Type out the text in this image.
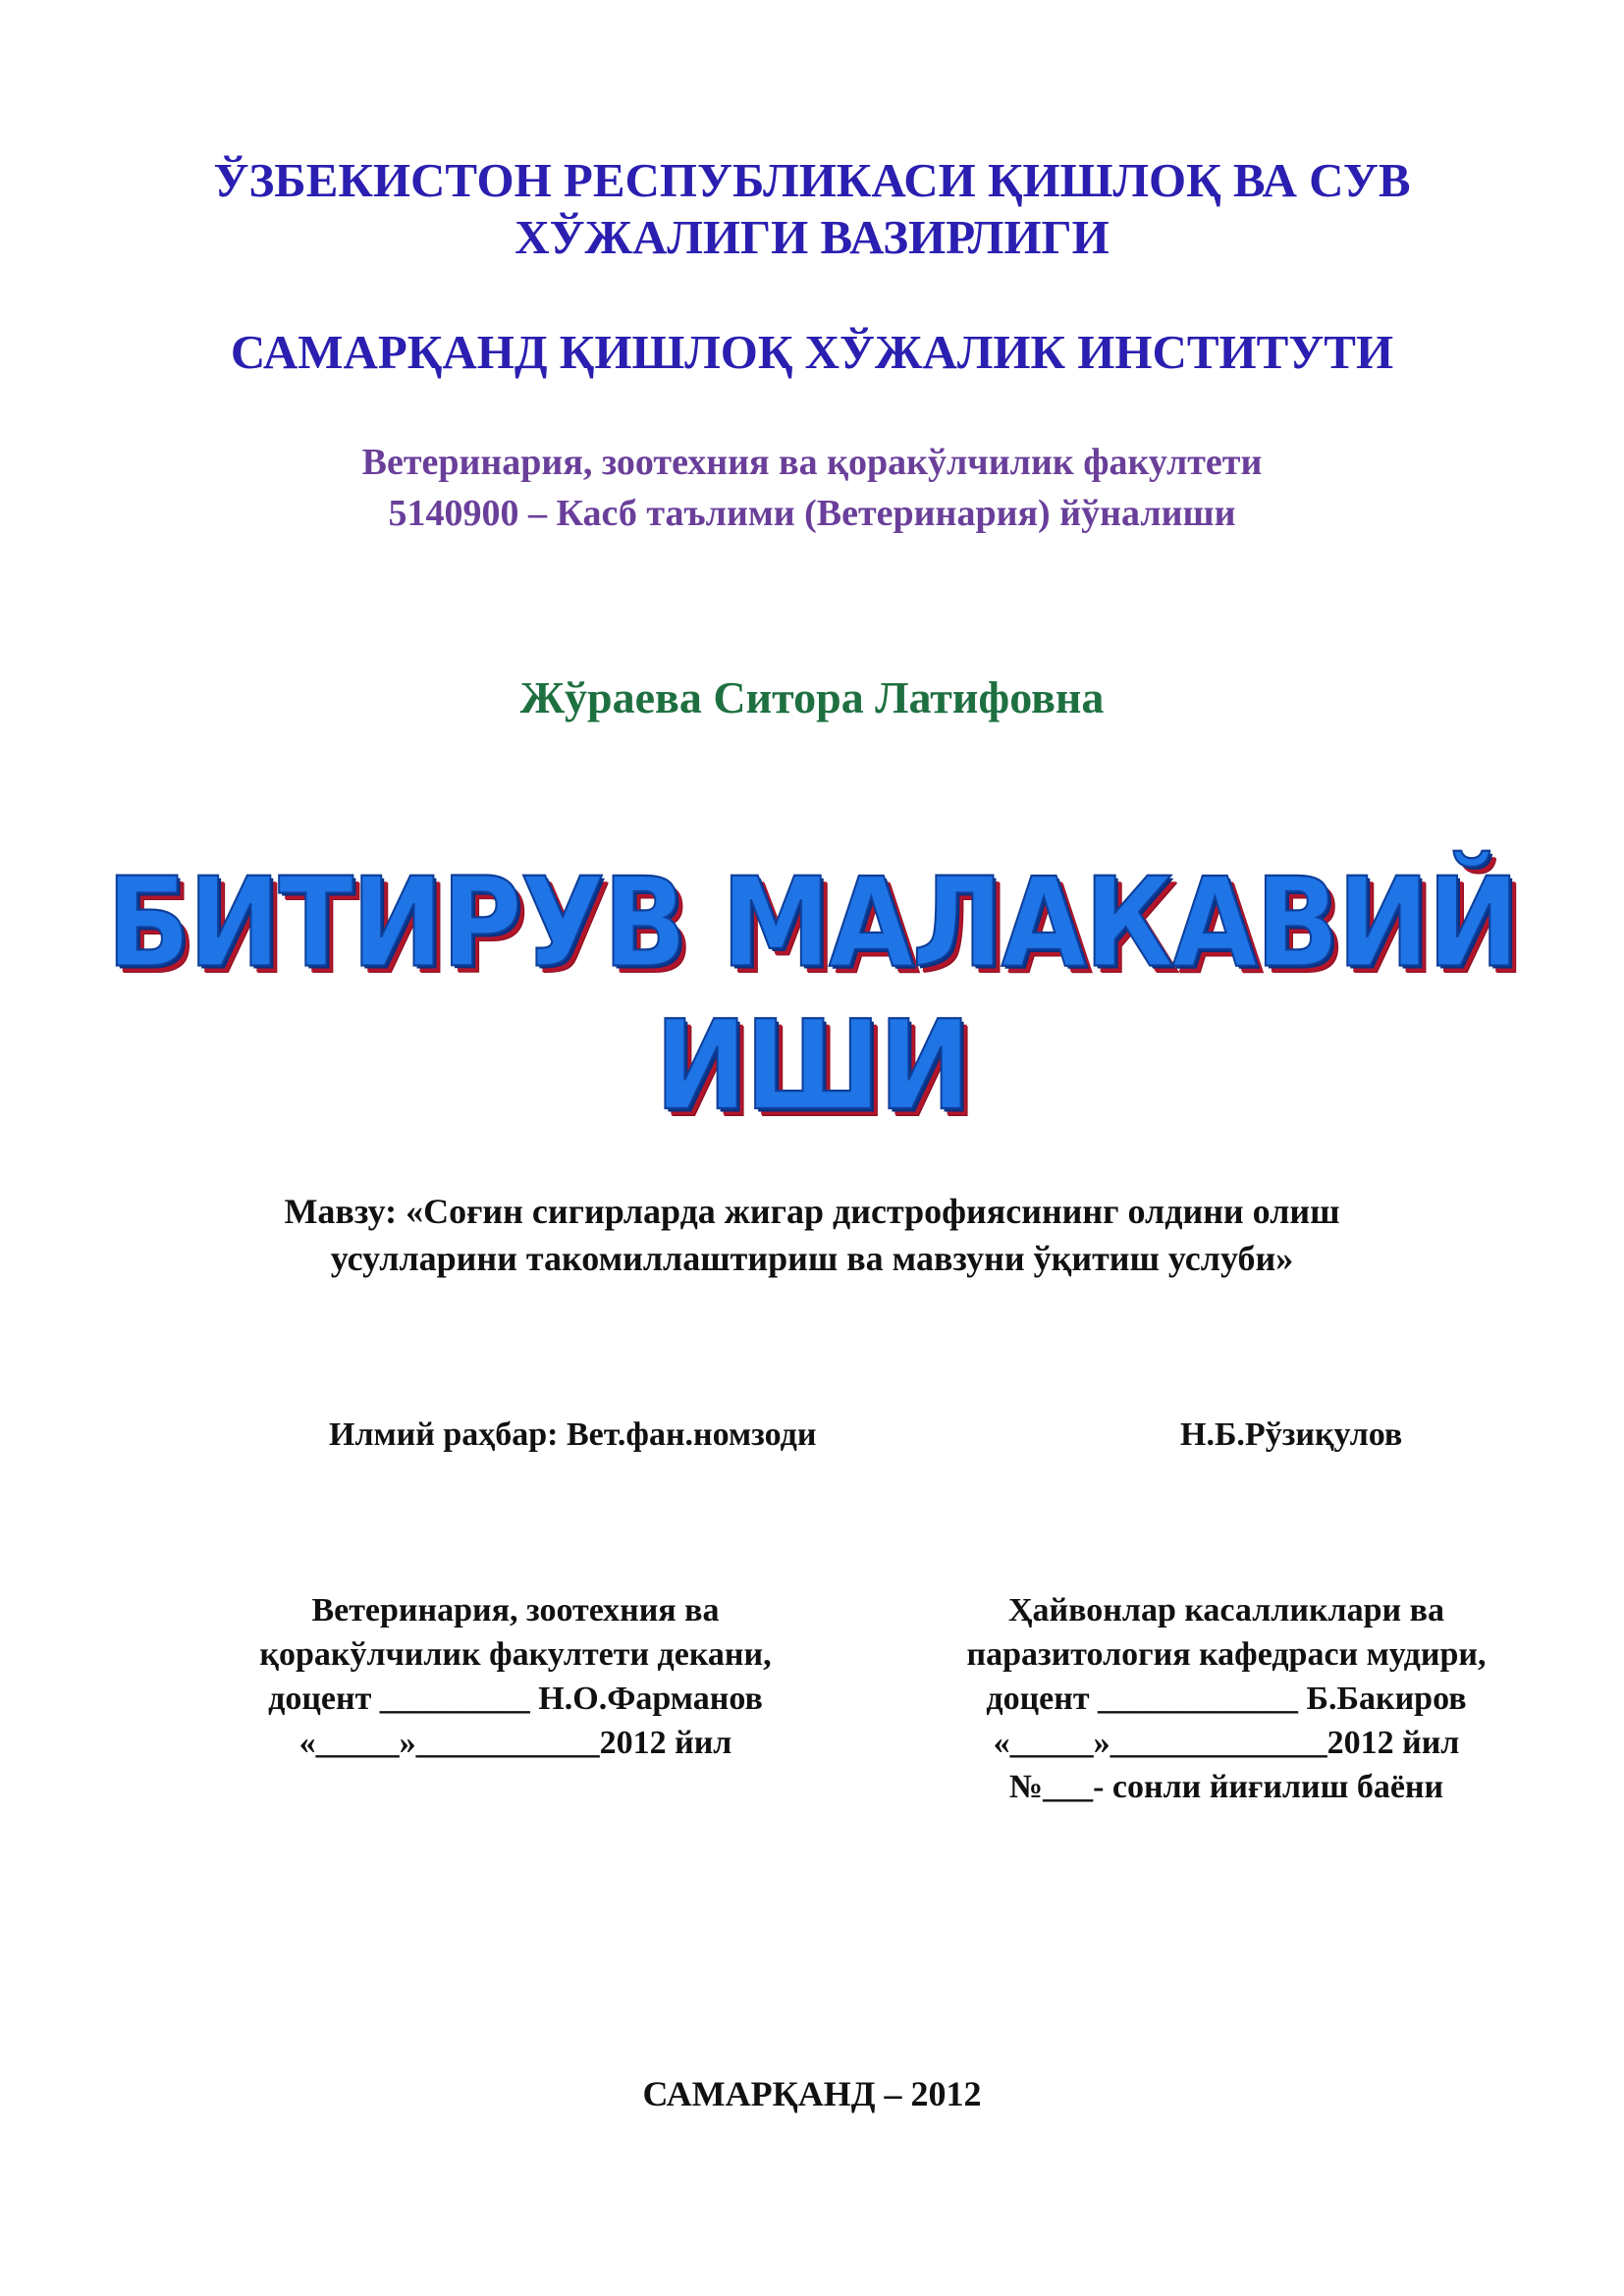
ЎЗБЕКИСТОН РЕСПУБЛИКАСИ ҚИШЛОҚ ВА СУВ
ХЎЖАЛИГИ ВАЗИРЛИГИ
САМАРҚАНД ҚИШЛОҚ ХЎЖАЛИК ИНСТИТУТИ
Ветеринария, зоотехния ва қоракўлчилик факултети
5140900 – Касб таълими (Ветеринария) йўналиши
Жўраева Ситора Латифовна
БИТИРУВ МАЛАКАВИЙ
ИШИ
Мавзу: «Соғин сигирларда жигар дистрофиясининг олдини олиш
усулларини такомиллаштириш ва мавзуни ўқитиш услуби»
Илмий раҳбар: Вет.фан.номзоди	Н.Б.Рўзиқулов
Ветеринария, зоотехния ва
қоракўлчилик факултети декани,
доцент _________ Н.О.Фарманов
«_____»___________2012 йил
Ҳайвонлар касалликлари ва
паразитология кафедраси мудири,
доцент ____________ Б.Бакиров
«_____»_____________2012 йил
№___- сонли йиғилиш баёни
САМАРҚАНД – 2012
